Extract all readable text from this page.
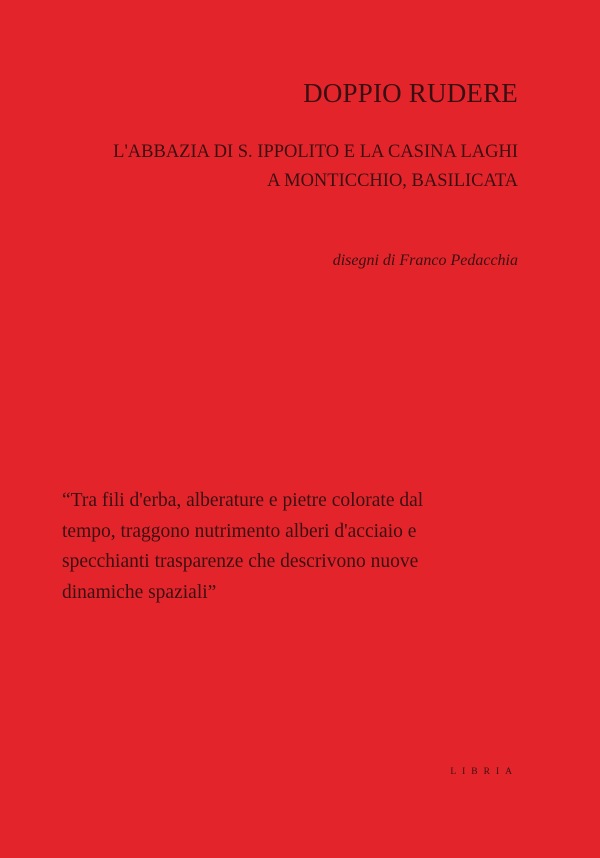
DOPPIO RUDERE
L'ABBAZIA DI S. IPPOLITO E LA CASINA LAGHI
A MONTICCHIO, BASILICATA
disegni di Franco Pedacchia
“Tra fili d'erba, alberature e pietre colorate dal
tempo, traggono nutrimento alberi d'acciaio e
specchianti trasparenze che descrivono nuove
dinamiche spaziali”
LIBRIA
